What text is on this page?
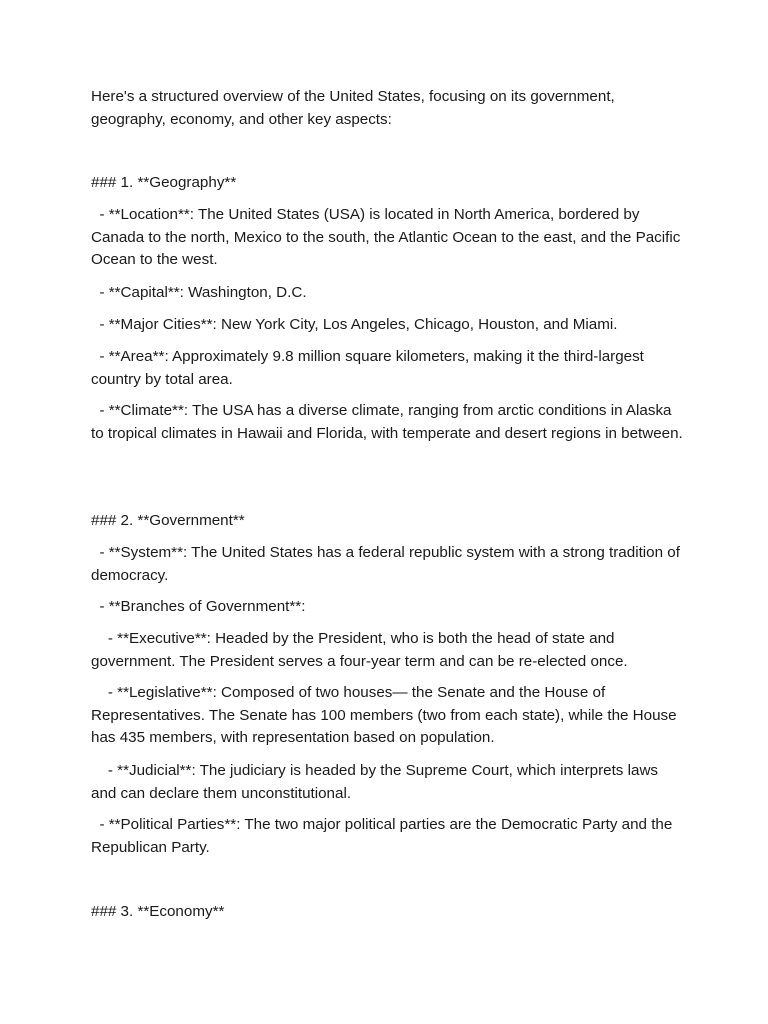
Here's a structured overview of the United States, focusing on its government, geography, economy, and other key aspects:

### 1. **Geography**

- **Location**: The United States (USA) is located in North America, bordered by Canada to the north, Mexico to the south, the Atlantic Ocean to the east, and the Pacific Ocean to the west.

- **Capital**: Washington, D.C.

- **Major Cities**: New York City, Los Angeles, Chicago, Houston, and Miami.

- **Area**: Approximately 9.8 million square kilometers, making it the third-largest country by total area.

- **Climate**: The USA has a diverse climate, ranging from arctic conditions in Alaska to tropical climates in Hawaii and Florida, with temperate and desert regions in between.

### 2. **Government**

- **System**: The United States has a federal republic system with a strong tradition of democracy.

- **Branches of Government**:

- **Executive**: Headed by the President, who is both the head of state and government. The President serves a four-year term and can be re-elected once.

- **Legislative**: Composed of two houses— the Senate and the House of Representatives. The Senate has 100 members (two from each state), while the House has 435 members, with representation based on population.

- **Judicial**: The judiciary is headed by the Supreme Court, which interprets laws and can declare them unconstitutional.

- **Political Parties**: The two major political parties are the Democratic Party and the Republican Party.

### 3. **Economy**
